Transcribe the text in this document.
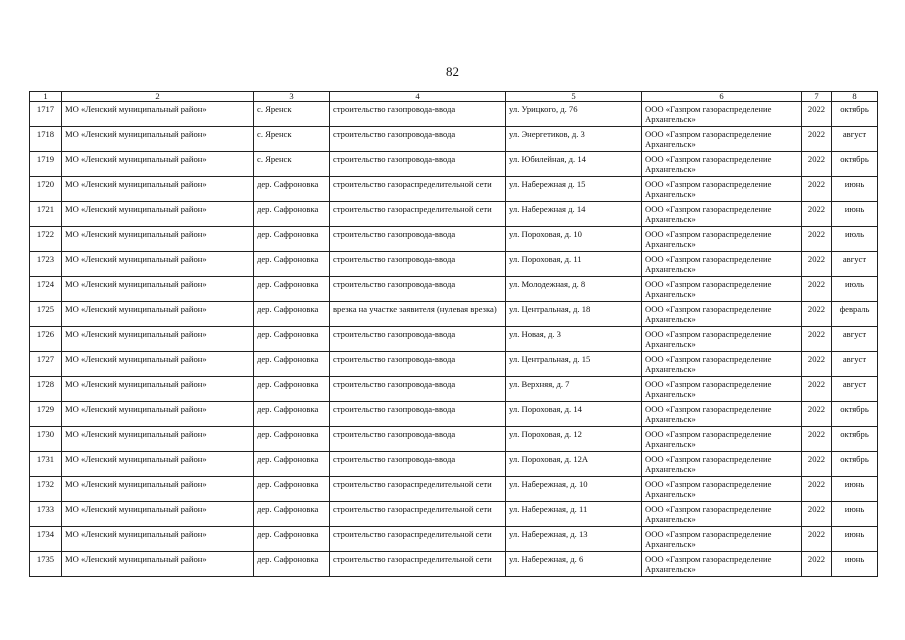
82
1	2	3	4	5	6	7	8
1717	МО «Ленский муниципальный район»	с. Яренск	строительство газопровода-ввода	ул. Урицкого, д. 76	ООО «Газпром газораспределение Архангельск»	2022	октябрь
1718	МО «Ленский муниципальный район»	с. Яренск	строительство газопровода-ввода	ул. Энергетиков, д. 3	ООО «Газпром газораспределение Архангельск»	2022	август
1719	МО «Ленский муниципальный район»	с. Яренск	строительство газопровода-ввода	ул. Юбилейная, д. 14	ООО «Газпром газораспределение Архангельск»	2022	октябрь
1720	МО «Ленский муниципальный район»	дер. Сафроновка	строительство газораспределительной сети	ул. Набережная д. 15	ООО «Газпром газораспределение Архангельск»	2022	июнь
1721	МО «Ленский муниципальный район»	дер. Сафроновка	строительство газораспределительной сети	ул. Набережная д. 14	ООО «Газпром газораспределение Архангельск»	2022	июнь
1722	МО «Ленский муниципальный район»	дер. Сафроновка	строительство газопровода-ввода	ул. Пороховая, д. 10	ООО «Газпром газораспределение Архангельск»	2022	июль
1723	МО «Ленский муниципальный район»	дер. Сафроновка	строительство газопровода-ввода	ул. Пороховая, д. 11	ООО «Газпром газораспределение Архангельск»	2022	август
1724	МО «Ленский муниципальный район»	дер. Сафроновка	строительство газопровода-ввода	ул. Молодежная, д. 8	ООО «Газпром газораспределение Архангельск»	2022	июль
1725	МО «Ленский муниципальный район»	дер. Сафроновка	врезка на участке заявителя (нулевая врезка)	ул. Центральная, д. 18	ООО «Газпром газораспределение Архангельск»	2022	февраль
1726	МО «Ленский муниципальный район»	дер. Сафроновка	строительство газопровода-ввода	ул. Новая, д. 3	ООО «Газпром газораспределение Архангельск»	2022	август
1727	МО «Ленский муниципальный район»	дер. Сафроновка	строительство газопровода-ввода	ул. Центральная, д. 15	ООО «Газпром газораспределение Архангельск»	2022	август
1728	МО «Ленский муниципальный район»	дер. Сафроновка	строительство газопровода-ввода	ул. Верхняя, д. 7	ООО «Газпром газораспределение Архангельск»	2022	август
1729	МО «Ленский муниципальный район»	дер. Сафроновка	строительство газопровода-ввода	ул. Пороховая, д. 14	ООО «Газпром газораспределение Архангельск»	2022	октябрь
1730	МО «Ленский муниципальный район»	дер. Сафроновка	строительство газопровода-ввода	ул. Пороховая, д. 12	ООО «Газпром газораспределение Архангельск»	2022	октябрь
1731	МО «Ленский муниципальный район»	дер. Сафроновка	строительство газопровода-ввода	ул. Пороховая, д. 12А	ООО «Газпром газораспределение Архангельск»	2022	октябрь
1732	МО «Ленский муниципальный район»	дер. Сафроновка	строительство газораспределительной сети	ул. Набережная, д. 10	ООО «Газпром газораспределение Архангельск»	2022	июнь
1733	МО «Ленский муниципальный район»	дер. Сафроновка	строительство газораспределительной сети	ул. Набережная, д. 11	ООО «Газпром газораспределение Архангельск»	2022	июнь
1734	МО «Ленский муниципальный район»	дер. Сафроновка	строительство газораспределительной сети	ул. Набережная, д. 13	ООО «Газпром газораспределение Архангельск»	2022	июнь
1735	МО «Ленский муниципальный район»	дер. Сафроновка	строительство газораспределительной сети	ул. Набережная, д. 6	ООО «Газпром газораспределение Архангельск»	2022	июнь
